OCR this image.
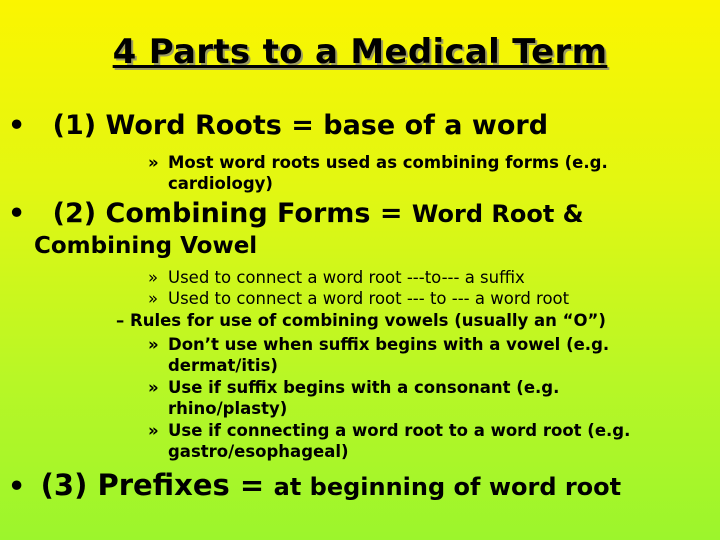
4 Parts to a Medical Term
• (1) Word Roots = base of a word
» Most word roots used as combining forms (e.g.
cardiology)
• (2) Combining Forms = Word Root &
Combining Vowel
» Used to connect a word root ---to--- a suffix
» Used to connect a word root --- to --- a word root
– Rules for use of combining vowels (usually an “O”)
» Don’t use when suffix begins with a vowel (e.g.
dermat/itis)
» Use if suffix begins with a consonant (e.g.
rhino/plasty)
» Use if connecting a word root to a word root (e.g.
gastro/esophageal)
• (3) Prefixes = at beginning of word root
